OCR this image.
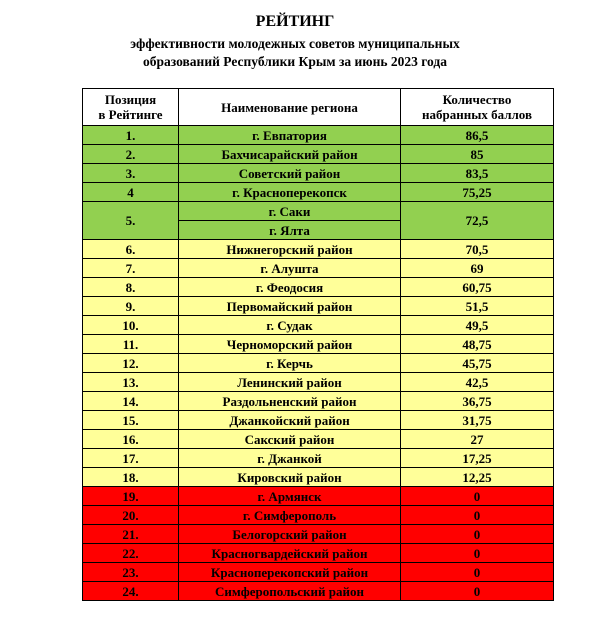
РЕЙТИНГ
эффективности молодежных советов муниципальных
образований Республики Крым за июнь 2023 года
Позиция
в Рейтинге	Наименование региона	Количество
набранных баллов
1.	г. Евпатория	86,5
2.	Бахчисарайский район	85
3.	Советский район	83,5
4	г. Красноперекопск	75,25
5.	г. Саки	72,5
	г. Ялта	
6.	Нижнегорский район	70,5
7.	г. Алушта	69
8.	г. Феодосия	60,75
9.	Первомайский район	51,5
10.	г. Судак	49,5
11.	Черноморский район	48,75
12.	г. Керчь	45,75
13.	Ленинский район	42,5
14.	Раздольненский район	36,75
15.	Джанкойский район	31,75
16.	Сакский район	27
17.	г. Джанкой	17,25
18.	Кировский район	12,25
19.	г. Армянск	0
20.	г. Симферополь	0
21.	Белогорский район	0
22.	Красногвардейский район	0
23.	Красноперекопский район	0
24.	Симферопольский район	0
